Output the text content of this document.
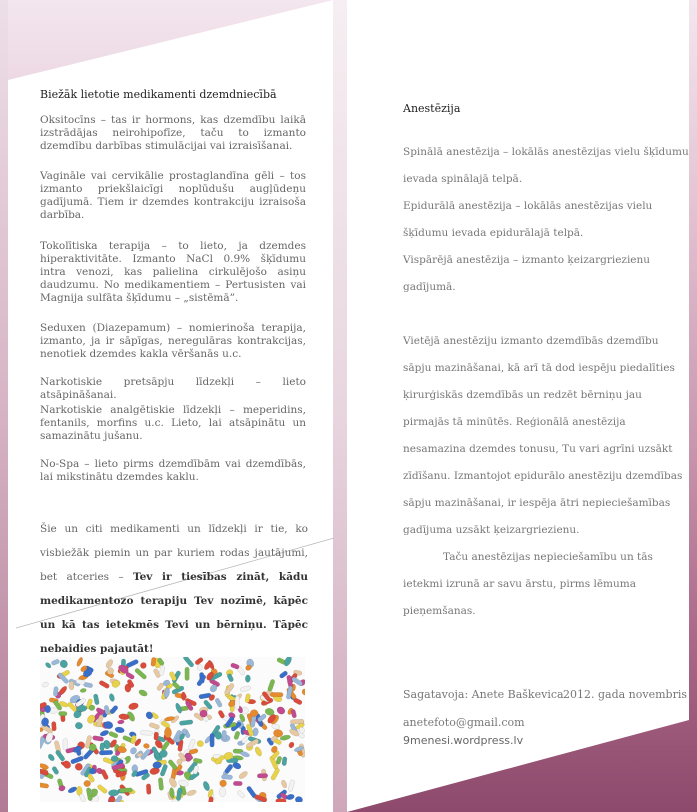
Biežāk lietotie medikamenti dzemdniecībā
Oksitocīns – tas ir hormons, kas dzemdību laikā izstrādājas neirohipofīze, taču to izmanto dzemdību darbības stimulācijai vai izraisīšanai.
Vagināle vai cervikālie prostaglandīna gēli – tos izmanto priekšlaicīgi noplūdušu augļūdeņu gadījumā. Tiem ir dzemdes kontrakciju izraisoša darbība.
Tokolītiska terapija – to lieto, ja dzemdes hiperaktivitāte. Izmanto NaCl 0.9% šķīdumu intra venozi, kas palielina cirkulējošo asiņu daudzumu. No medikamentiem – Pertusisten vai Magnija sulfāta šķīdumu – „sistēmā”.
Seduxen (Diazepamum) – nomierinoša terapija, izmanto, ja ir sāpīgas, neregulāras kontrakcijas, nenotiek dzemdes kakla vēršanās u.c.
Narkotiskie pretsāpju līdzekļi – lieto atsāpināšanai.
Narkotiskie analgētiskie līdzekļi – meperidins, fentanils, morfins u.c. Lieto, lai atsāpinātu un samazinātu jušanu.
No-Spa – lieto pirms dzemdībām vai dzemdībās, lai mikstinātu dzemdes kaklu.
Šie un citi medikamenti un līdzekļi ir tie, ko visbiežāk piemin un par kuriem rodas jautājumi, bet atceries – Tev ir tiesības zināt, kādu medikamentozo terapiju Tev nozīmē, kāpēc un kā tas ietekmēs Tevi un bērniņu. Tāpēc nebaidies pajautāt!
Anestēzija
Spinālā anestēzija – lokālās anestēzijas vielu šķīdumu
ievada spinālajā telpā.
Epidurālā anestēzija – lokālās anestēzijas vielu
šķīdumu ievada epidurālajā telpā.
Vispārējā anestēzija – izmanto ķeizargriezienu
gadījumā.
Vietējā anestēziju izmanto dzemdībās dzemdību
sāpju mazināšanai, kā arī tā dod iespēju piedalīties
ķirurģiskās dzemdībās un redzēt bērniņu jau
pirmajās tā minūtēs. Reģionālā anestēzija
nesamazina dzemdes tonusu, Tu vari agrīni uzsākt
zīdīšanu. Izmantojot epidurālo anestēziju dzemdības
sāpju mazināšanai, ir iespēja ātri nepieciešamības
gadījuma uzsākt ķeizargriezienu.
Taču anestēzijas nepieciešamību un tās
ietekmi izrunā ar savu ārstu, pirms lēmuma
pieņemšanas.
Sagatavoja: Anete Baškevica 2012. gada novembris
anetefoto@gmail.com
9menesi.wordpress.lv
